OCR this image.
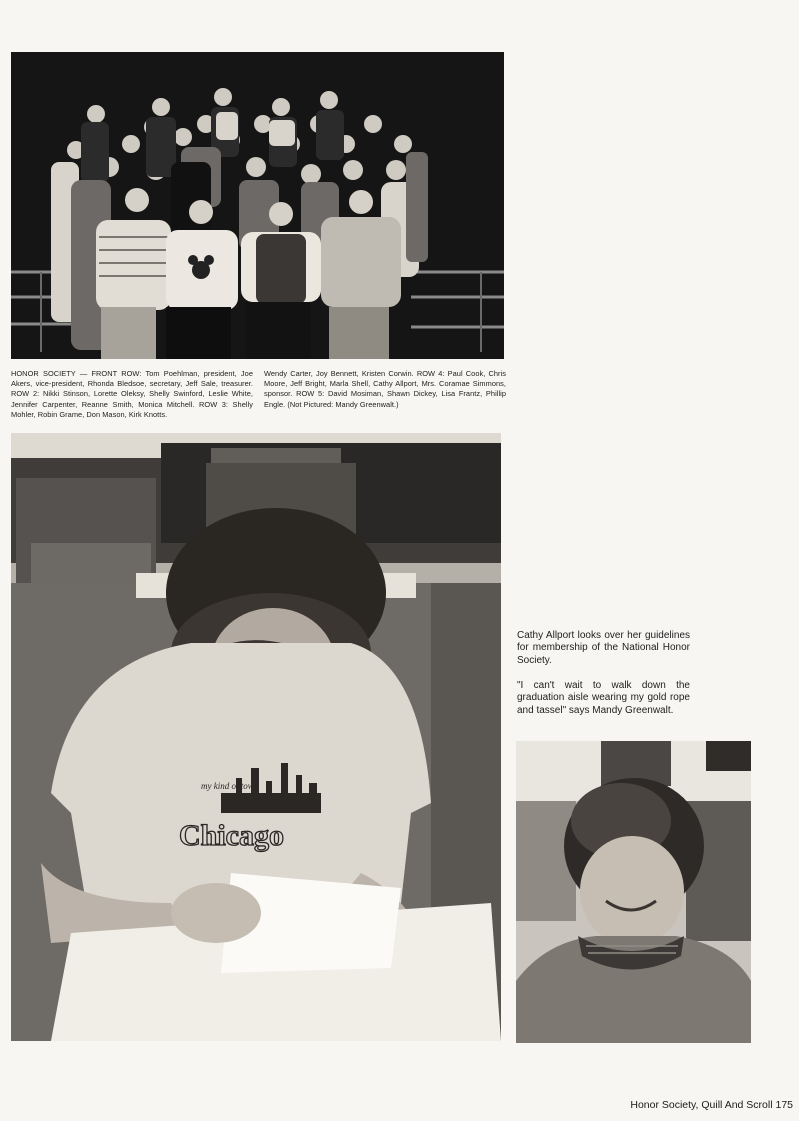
HONOR SOCIETY — FRONT ROW: Tom Poehlman, president, Joe Akers, vice-president, Rhonda Bledsoe, secretary, Jeff Sale, treasurer. ROW 2: Nikki Stinson, Lorette Oleksy, Shelly Swinford, Leslie White, Jennifer Carpenter, Reanne Smith, Monica Mitchell. ROW 3: Shelly Mohler, Robin Grame, Don Mason, Kirk Knotts.
Wendy Carter, Joy Bennett, Kristen Corwin. ROW 4: Paul Cook, Chris Moore, Jeff Bright, Marla Shell, Cathy Allport, Mrs. Coramae Simmons, sponsor. ROW 5: David Mosiman, Shawn Dickey, Lisa Frantz, Phillip Engle. (Not Pictured: Mandy Greenwalt.)
my kind of town
Chicago
Cathy Allport looks over her guidelines for membership of the National Honor Society.
"I can't wait to walk down the graduation aisle wearing my gold rope and tassel" says Mandy Greenwalt.
Honor Society, Quill And Scroll 175
